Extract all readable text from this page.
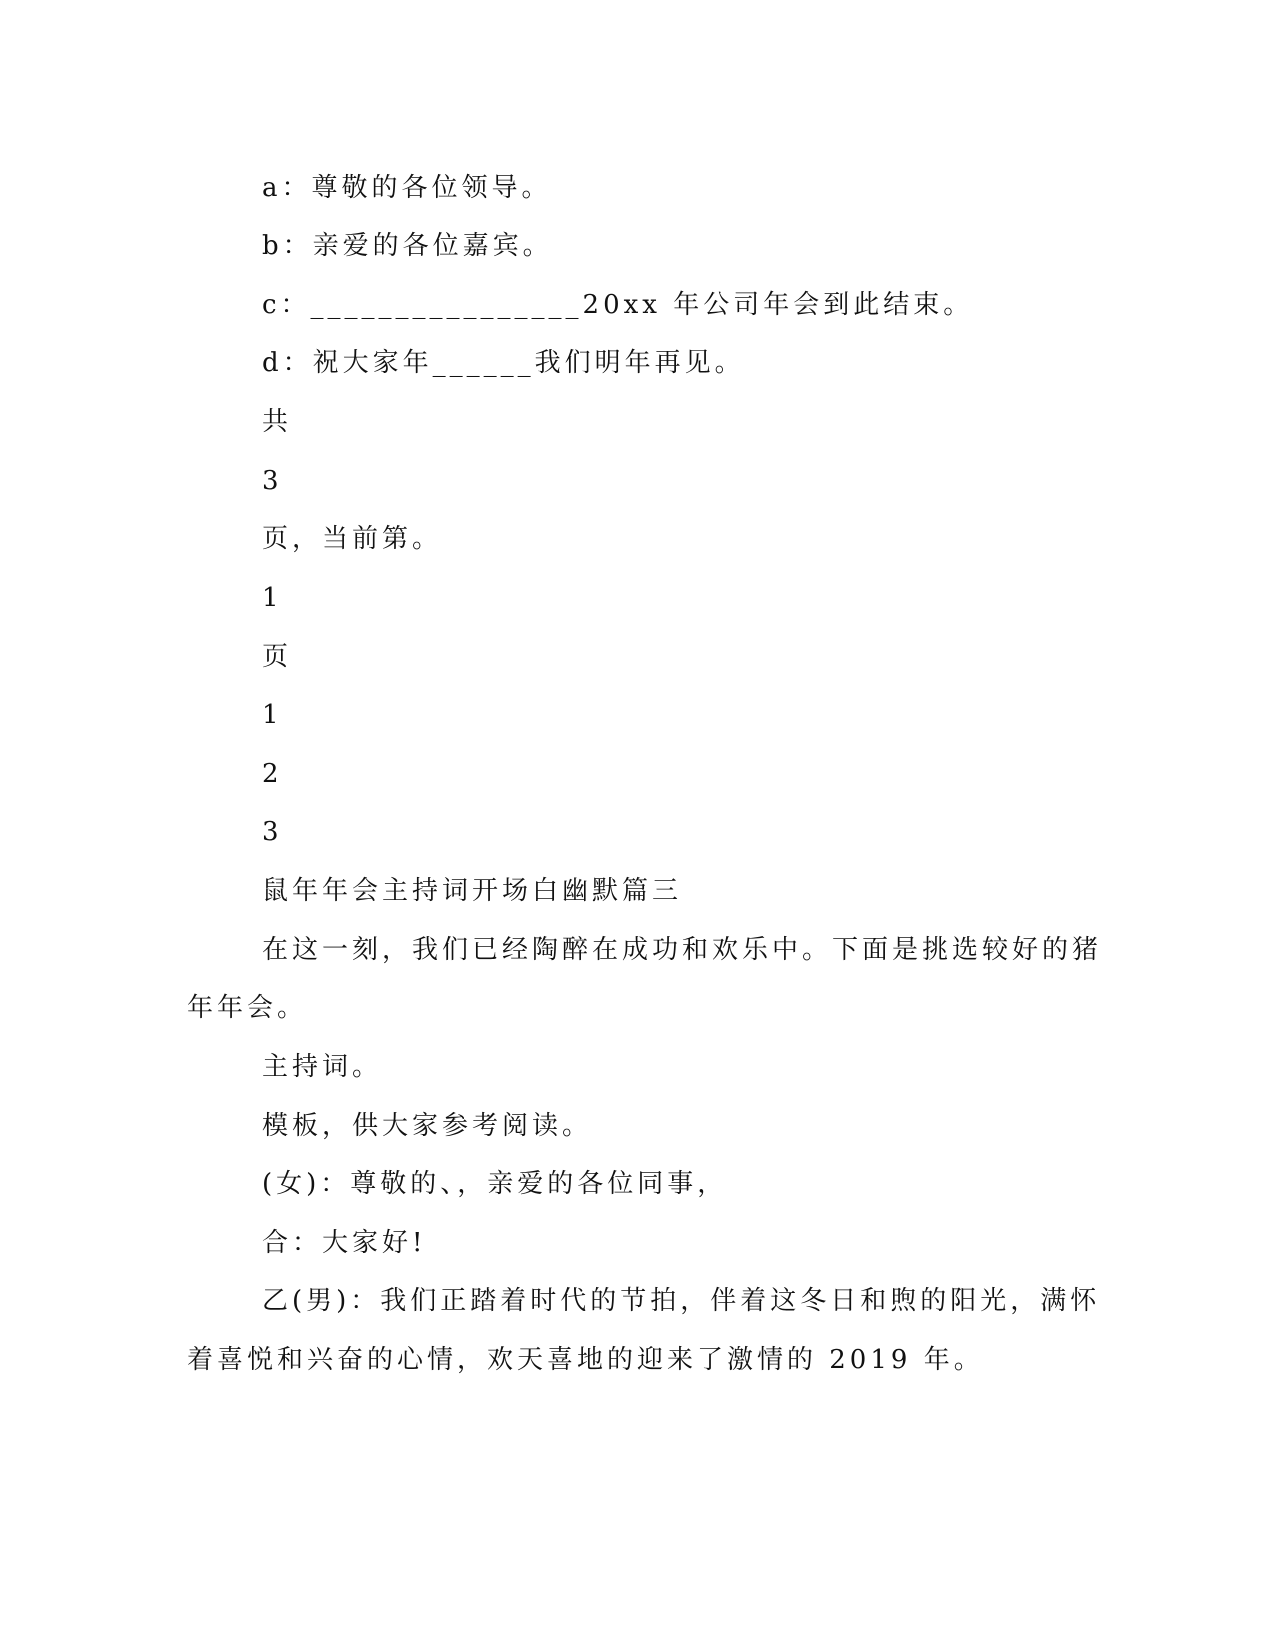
a：尊敬的各位领导。
b：亲爱的各位嘉宾。
c：________________20xx 年公司年会到此结束。
d：祝大家年______我们明年再见。
共
3
页，当前第。
1
页
1
2
3
鼠年年会主持词开场白幽默篇三
在这一刻，我们已经陶醉在成功和欢乐中。下面是挑选较好的猪
年年会。
主持词。
模板，供大家参考阅读。
(女)：尊敬的、，亲爱的各位同事，
合：大家好!
乙(男)：我们正踏着时代的节拍，伴着这冬日和煦的阳光，满怀
着喜悦和兴奋的心情，欢天喜地的迎来了激情的 2019 年。
